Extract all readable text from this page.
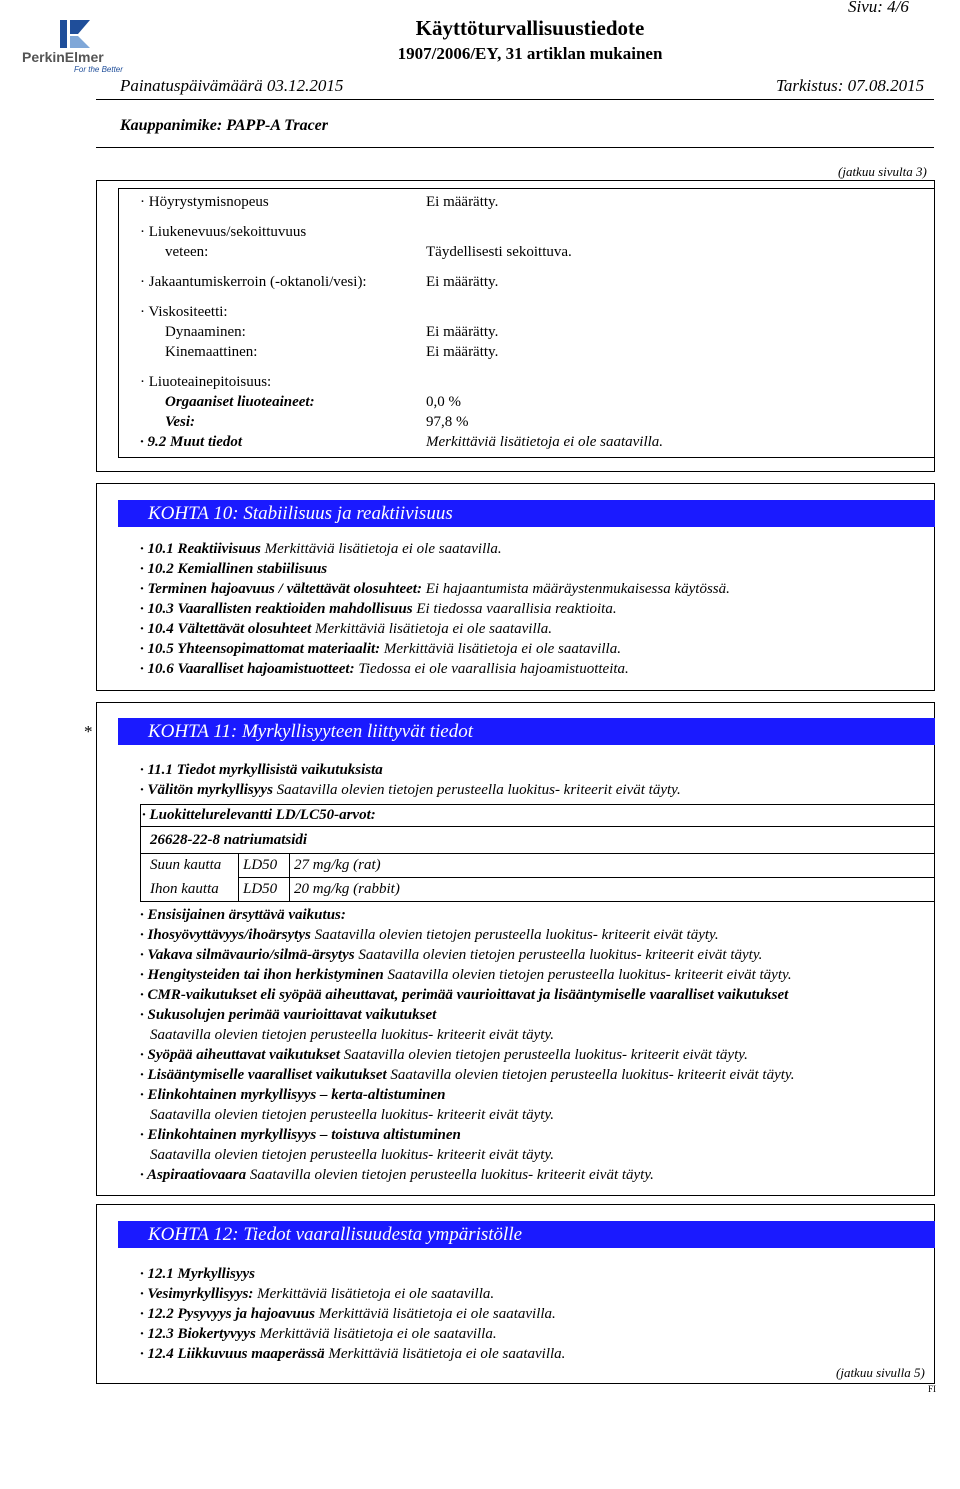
PerkinElmer
For the Better
Käyttöturvallisuustiedote
1907/2006/EY, 31 artiklan mukainen
Sivu: 4/6
Painatuspäivämäärä 03.12.2015	Tarkistus: 07.08.2015
Kauppanimike: PAPP-A Tracer
(jatkuu sivulta 3)
· Höyrystymisnopeus	Ei määrätty.
· Liukenevuus/sekoittuvuus
veteen:	Täydellisesti sekoittuva.
· Jakaantumiskerroin (-oktanoli/vesi):	Ei määrätty.
· Viskositeetti:
Dynaaminen:	Ei määrätty.
Kinemaattinen:	Ei määrätty.
· Liuoteainepitoisuus:
Orgaaniset liuoteaineet:	0,0 %
Vesi:	97,8 %
· 9.2 Muut tiedot	Merkittäviä lisätietoja ei ole saatavilla.
KOHTA 10: Stabiilisuus ja reaktiivisuus
· 10.1 Reaktiivisuus Merkittäviä lisätietoja ei ole saatavilla.
· 10.2 Kemiallinen stabiilisuus
· Terminen hajoavuus / vältettävät olosuhteet: Ei hajaantumista määräystenmukaisessa käytössä.
· 10.3 Vaarallisten reaktioiden mahdollisuus Ei tiedossa vaarallisia reaktioita.
· 10.4 Vältettävät olosuhteet Merkittäviä lisätietoja ei ole saatavilla.
· 10.5 Yhteensopimattomat materiaalit: Merkittäviä lisätietoja ei ole saatavilla.
· 10.6 Vaaralliset hajoamistuotteet: Tiedossa ei ole vaarallisia hajoamistuotteita.
*	KOHTA 11: Myrkyllisyyteen liittyvät tiedot
· 11.1 Tiedot myrkyllisistä vaikutuksista
· Välitön myrkyllisyys Saatavilla olevien tietojen perusteella luokitus- kriteerit eivät täyty.
· Luokittelurelevantti LD/LC50-arvot:
26628-22-8 natriumatsidi
Suun kautta LD50 27 mg/kg (rat)
Ihon kautta LD50 20 mg/kg (rabbit)
· Ensisijainen ärsyttävä vaikutus:
· Ihosyövyttävyys/ihoärsytys Saatavilla olevien tietojen perusteella luokitus- kriteerit eivät täyty.
· Vakava silmävaurio/silmä-ärsytys Saatavilla olevien tietojen perusteella luokitus- kriteerit eivät täyty.
· Hengitysteiden tai ihon herkistyminen Saatavilla olevien tietojen perusteella luokitus- kriteerit eivät täyty.
· CMR-vaikutukset eli syöpää aiheuttavat, perimää vaurioittavat ja lisääntymiselle vaaralliset vaikutukset
· Sukusolujen perimää vaurioittavat vaikutukset
Saatavilla olevien tietojen perusteella luokitus- kriteerit eivät täyty.
· Syöpää aiheuttavat vaikutukset Saatavilla olevien tietojen perusteella luokitus- kriteerit eivät täyty.
· Lisääntymiselle vaaralliset vaikutukset Saatavilla olevien tietojen perusteella luokitus- kriteerit eivät täyty.
· Elinkohtainen myrkyllisyys – kerta-altistuminen
Saatavilla olevien tietojen perusteella luokitus- kriteerit eivät täyty.
· Elinkohtainen myrkyllisyys – toistuva altistuminen
Saatavilla olevien tietojen perusteella luokitus- kriteerit eivät täyty.
· Aspiraatiovaara Saatavilla olevien tietojen perusteella luokitus- kriteerit eivät täyty.
KOHTA 12: Tiedot vaarallisuudesta ympäristölle
· 12.1 Myrkyllisyys
· Vesimyrkyllisyys: Merkittäviä lisätietoja ei ole saatavilla.
· 12.2 Pysyvyys ja hajoavuus Merkittäviä lisätietoja ei ole saatavilla.
· 12.3 Biokertyvyys Merkittäviä lisätietoja ei ole saatavilla.
· 12.4 Liikkuvuus maaperässä Merkittäviä lisätietoja ei ole saatavilla.
(jatkuu sivulla 5)
FI
